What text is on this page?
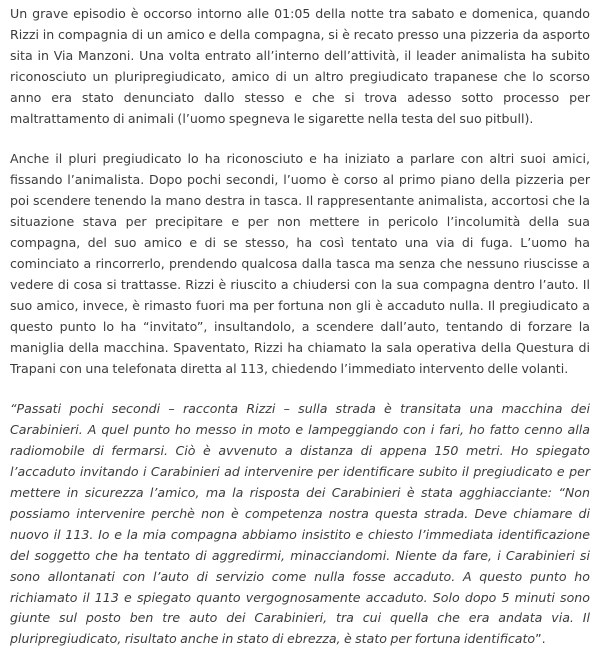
Un grave episodio è occorso intorno alle 01:05 della notte tra sabato e domenica, quando Rizzi in compagnia di un amico e della compagna, si è recato presso una pizzeria da asporto sita in Via Manzoni. Una volta entrato all’interno dell’attività, il leader animalista ha subito riconosciuto un pluripregiudicato, amico di un altro pregiudicato trapanese che lo scorso anno era stato denunciato dallo stesso e che si trova adesso sotto processo per maltrattamento di animali (l’uomo spegneva le sigarette nella testa del suo pitbull).

Anche il pluri pregiudicato lo ha riconosciuto e ha iniziato a parlare con altri suoi amici, fissando l’animalista. Dopo pochi secondi, l’uomo è corso al primo piano della pizzeria per poi scendere tenendo la mano destra in tasca. Il rappresentante animalista, accortosi che la situazione stava per precipitare e per non mettere in pericolo l’incolumità della sua compagna, del suo amico e di se stesso, ha così tentato una via di fuga. L’uomo ha cominciato a rincorrerlo, prendendo qualcosa dalla tasca ma senza che nessuno riuscisse a vedere di cosa si trattasse. Rizzi è riuscito a chiudersi con la sua compagna dentro l’auto. Il suo amico, invece, è rimasto fuori ma per fortuna non gli è accaduto nulla. Il pregiudicato a questo punto lo ha “invitato”, insultandolo, a scendere dall’auto, tentando di forzare la maniglia della macchina. Spaventato, Rizzi ha chiamato la sala operativa della Questura di Trapani con una telefonata diretta al 113, chiedendo l’immediato intervento delle volanti.

“Passati pochi secondi – racconta Rizzi – sulla strada è transitata una macchina dei Carabinieri. A quel punto ho messo in moto e lampeggiando con i fari, ho fatto cenno alla radiomobile di fermarsi. Ciò è avvenuto a distanza di appena 150 metri. Ho spiegato l’accaduto invitando i Carabinieri ad intervenire per identificare subito il pregiudicato e per mettere in sicurezza l’amico, ma la risposta dei Carabinieri è stata agghiacciante: “Non possiamo intervenire perchè non è competenza nostra questa strada. Deve chiamare di nuovo il 113. Io e la mia compagna abbiamo insistito e chiesto l’immediata identificazione del soggetto che ha tentato di aggredirmi, minacciandomi. Niente da fare, i Carabinieri si sono allontanati con l’auto di servizio come nulla fosse accaduto. A questo punto ho richiamato il 113 e spiegato quanto vergognosamente accaduto. Solo dopo 5 minuti sono giunte sul posto ben tre auto dei Carabinieri, tra cui quella che era andata via. Il pluripregiudicato, risultato anche in stato di ebrezza, è stato per fortuna identificato”.
